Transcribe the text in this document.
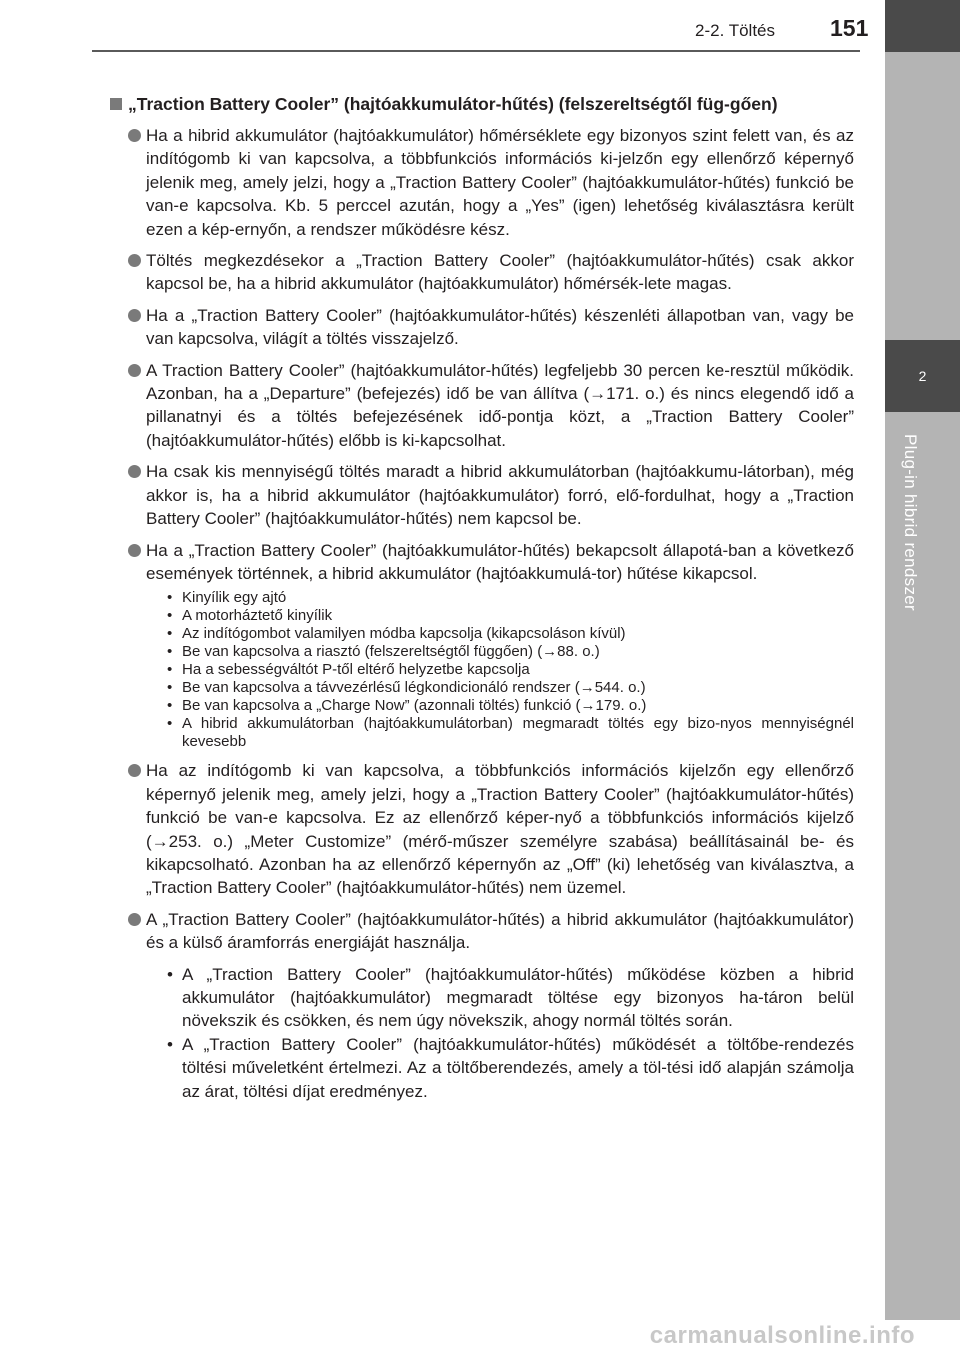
2
Plug-in hibrid rendszer
2-2. Töltés 151
„Traction Battery Cooler” (hajtóakkumulátor-hűtés) (felszereltségtől füg-gően)
Ha a hibrid akkumulátor (hajtóakkumulátor) hőmérséklete egy bizonyos szint felett van, és az indítógomb ki van kapcsolva, a többfunkciós információs ki-jelzőn egy ellenőrző képernyő jelenik meg, amely jelzi, hogy a „Traction Battery Cooler” (hajtóakkumulátor-hűtés) funkció be van-e kapcsolva. Kb. 5 perccel azután, hogy a „Yes” (igen) lehetőség kiválasztásra került ezen a kép-ernyőn, a rendszer működésre kész.
Töltés megkezdésekor a „Traction Battery Cooler” (hajtóakkumulátor-hűtés) csak akkor kapcsol be, ha a hibrid akkumulátor (hajtóakkumulátor) hőmérsék-lete magas.
Ha a „Traction Battery Cooler” (hajtóakkumulátor-hűtés) készenléti állapotban van, vagy be van kapcsolva, világít a töltés visszajelző.
A Traction Battery Cooler” (hajtóakkumulátor-hűtés) legfeljebb 30 percen ke-resztül működik. Azonban, ha a „Departure” (befejezés) idő be van állítva (→171. o.) és nincs elegendő idő a pillanatnyi és a töltés befejezésének idő-pontja közt, a „Traction Battery Cooler” (hajtóakkumulátor-hűtés) előbb is ki-kapcsolhat.
Ha csak kis mennyiségű töltés maradt a hibrid akkumulátorban (hajtóakkumu-látorban), még akkor is, ha a hibrid akkumulátor (hajtóakkumulátor) forró, elő-fordulhat, hogy a „Traction Battery Cooler” (hajtóakkumulátor-hűtés) nem kapcsol be.
Ha a „Traction Battery Cooler” (hajtóakkumulátor-hűtés) bekapcsolt állapotá-ban a következő események történnek, a hibrid akkumulátor (hajtóakkumulá-tor) hűtése kikapcsol.
• Kinyílik egy ajtó
• A motorháztető kinyílik
• Az indítógombot valamilyen módba kapcsolja (kikapcsoláson kívül)
• Be van kapcsolva a riasztó (felszereltségtől függően) (→88. o.)
• Ha a sebességváltót P-től eltérő helyzetbe kapcsolja
• Be van kapcsolva a távvezérlésű légkondicionáló rendszer (→544. o.)
• Be van kapcsolva a „Charge Now” (azonnali töltés) funkció (→179. o.)
• A hibrid akkumulátorban (hajtóakkumulátorban) megmaradt töltés egy bizo-nyos mennyiségnél kevesebb
Ha az indítógomb ki van kapcsolva, a többfunkciós információs kijelzőn egy ellenőrző képernyő jelenik meg, amely jelzi, hogy a „Traction Battery Cooler” (hajtóakkumulátor-hűtés) funkció be van-e kapcsolva. Ez az ellenőrző képer-nyő a többfunkciós információs kijelző (→253. o.) „Meter Customize” (mérő-műszer személyre szabása) beállításainál be- és kikapcsolható. Azonban ha az ellenőrző képernyőn az „Off” (ki) lehetőség van kiválasztva, a „Traction Battery Cooler” (hajtóakkumulátor-hűtés) nem üzemel.
A „Traction Battery Cooler” (hajtóakkumulátor-hűtés) a hibrid akkumulátor (hajtóakkumulátor) és a külső áramforrás energiáját használja.
• A „Traction Battery Cooler” (hajtóakkumulátor-hűtés) működése közben a hibrid akkumulátor (hajtóakkumulátor) megmaradt töltése egy bizonyos ha-táron belül növekszik és csökken, és nem úgy növekszik, ahogy normál töltés során.
• A „Traction Battery Cooler” (hajtóakkumulátor-hűtés) működését a töltőbe-rendezés töltési műveletként értelmezi. Az a töltőberendezés, amely a töl-tési idő alapján számolja az árat, töltési díjat eredményez.
carmanualsonline.info
